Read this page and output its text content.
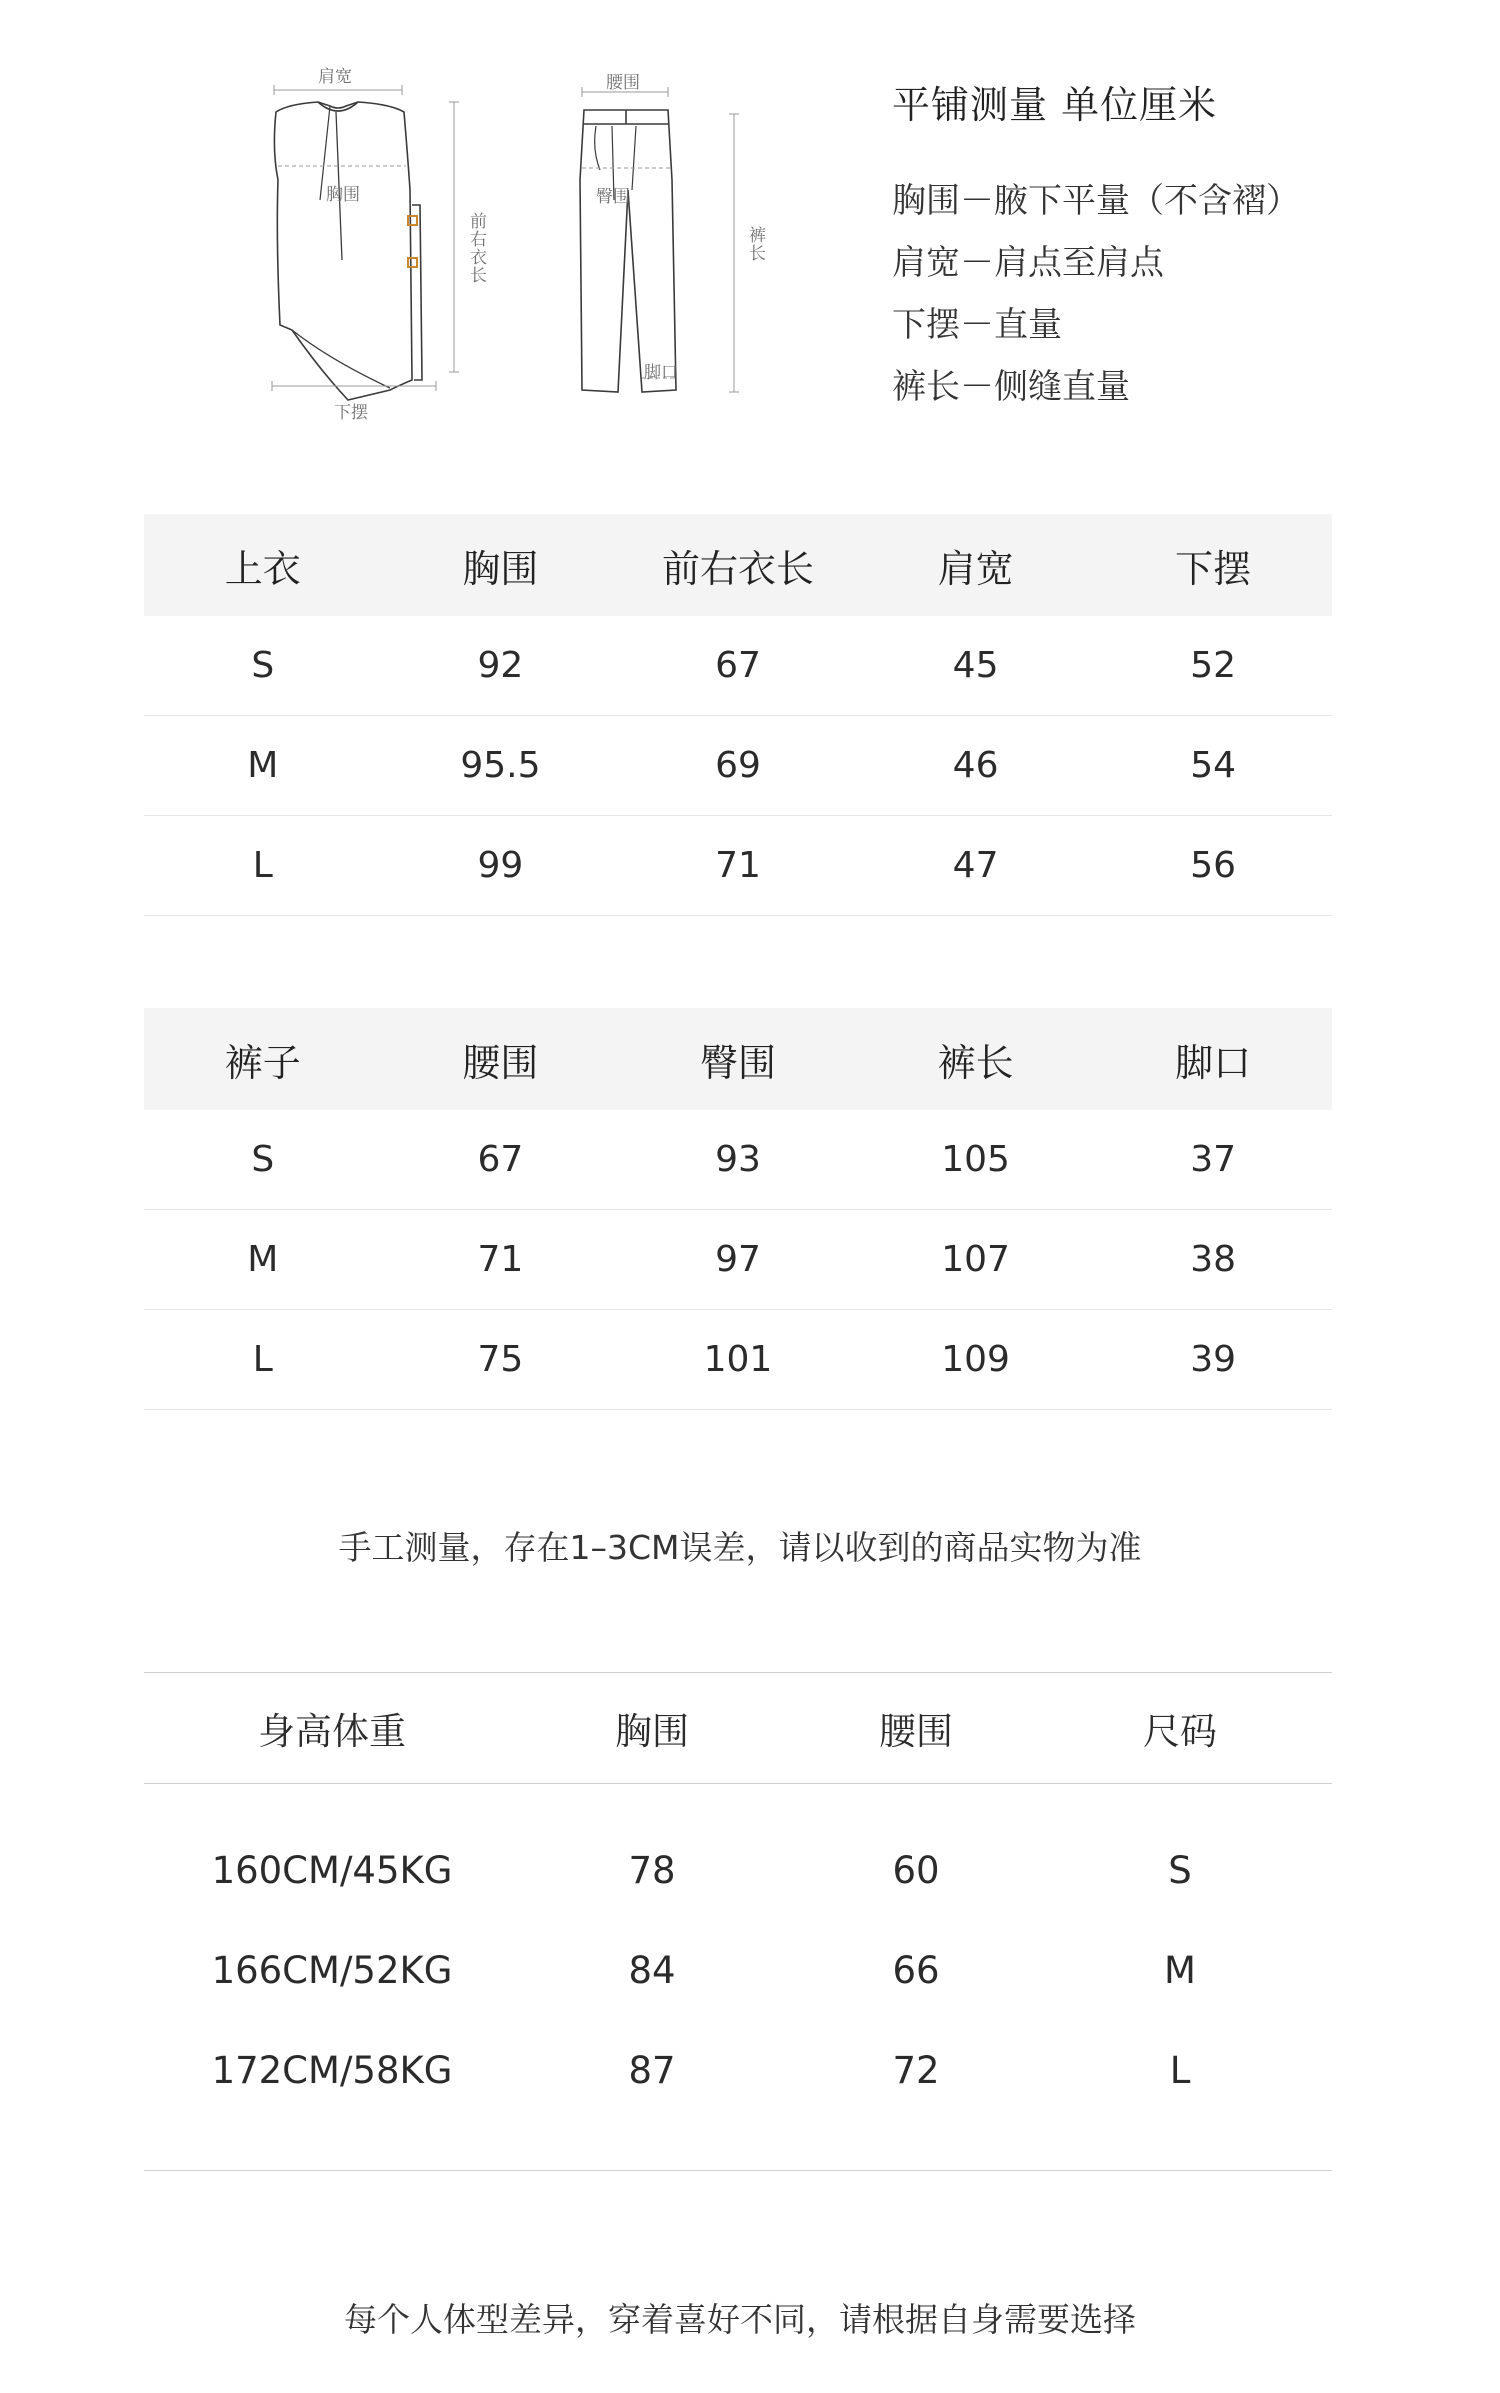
肩宽
胸围
前右衣长
下摆
腰围
臀围
裤长
脚口
平铺测量 单位厘米
胸围－腋下平量（不含褶）
肩宽－肩点至肩点
下摆－直量
裤长－侧缝直量
上衣	胸围	前右衣长	肩宽	下摆
S	92	67	45	52
M	95.5	69	46	54
L	99	71	47	56
裤子	腰围	臀围	裤长	脚口
S	67	93	105	37
M	71	97	107	38
L	75	101	109	39
手工测量，存在1–3CM误差，请以收到的商品实物为准
身高体重	胸围	腰围	尺码
160CM/45KG	78	60	S
166CM/52KG	84	66	M
172CM/58KG	87	72	L
每个人体型差异，穿着喜好不同，请根据自身需要选择
